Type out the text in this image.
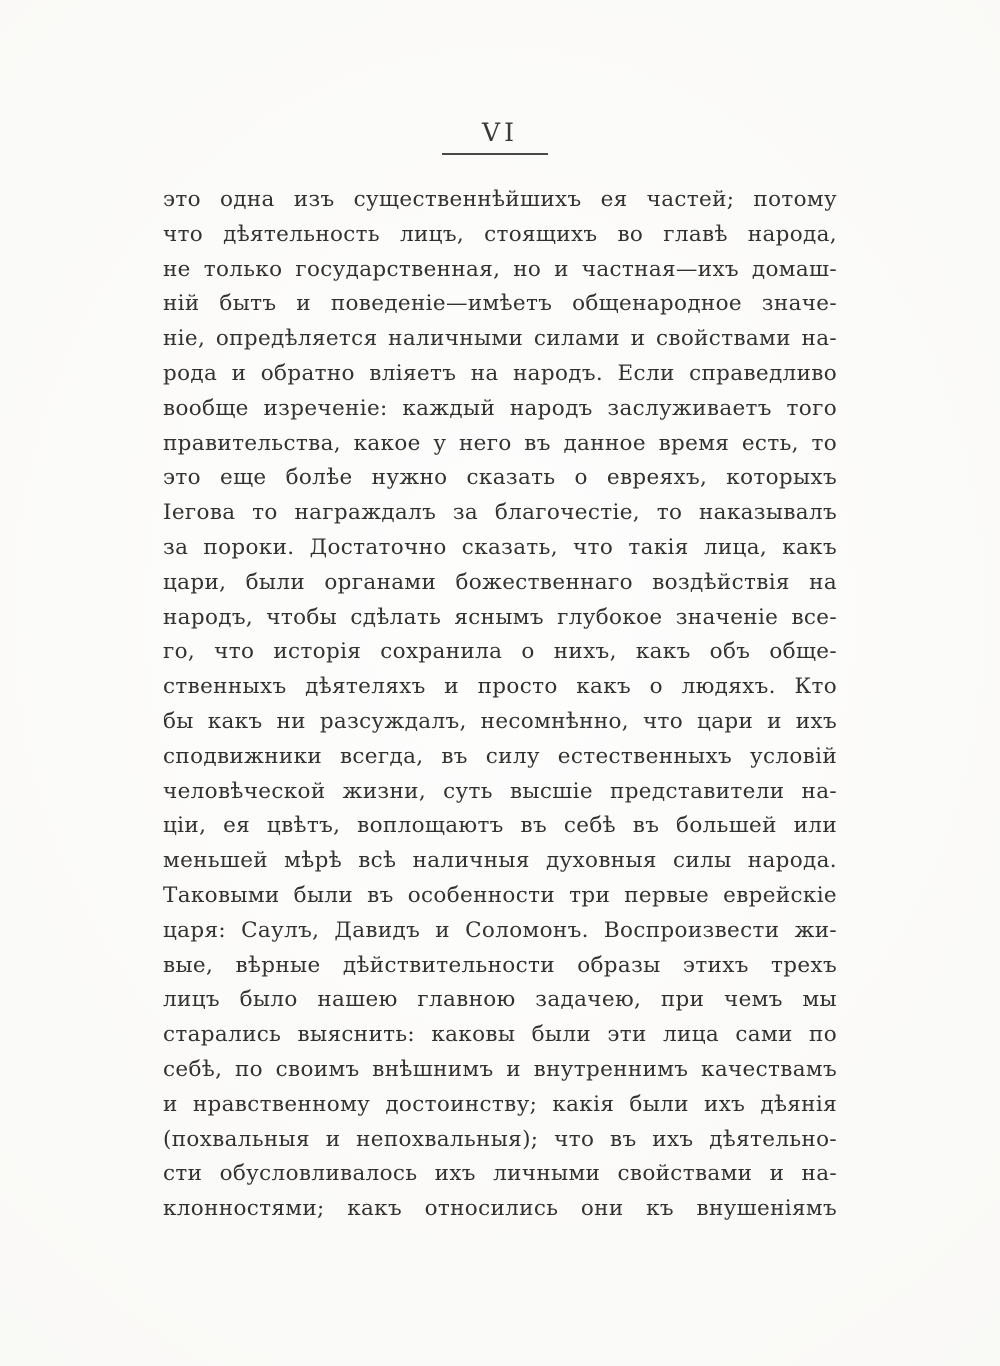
VI
это одна изъ существеннѣйшихъ ея частей; потому
что дѣятельность лицъ, стоящихъ во главѣ народа,
не только государственная, но и частная—ихъ домаш-
ній бытъ и поведеніе—имѣетъ общенародное значе-
ніе, опредѣляется наличными силами и свойствами на-
рода и обратно вліяетъ на народъ. Если справедливо
вообще изреченіе: каждый народъ заслуживаетъ того
правительства, какое у него въ данное время есть, то
это еще болѣе нужно сказать о евреяхъ, которыхъ
Іегова то награждалъ за благочестіе, то наказывалъ
за пороки. Достаточно сказать, что такія лица, какъ
цари, были органами божественнаго воздѣйствія на
народъ, чтобы сдѣлать яснымъ глубокое значеніе все-
го, что исторія сохранила о нихъ, какъ объ обще-
ственныхъ дѣятеляхъ и просто какъ о людяхъ. Кто
бы какъ ни разсуждалъ, несомнѣнно, что цари и ихъ
сподвижники всегда, въ силу естественныхъ условій
человѣческой жизни, суть высшіе представители на-
ціи, ея цвѣтъ, воплощаютъ въ себѣ въ большей или
меньшей мѣрѣ всѣ наличныя духовныя силы народа.
Таковыми были въ особенности три первые еврейскіе
царя: Саулъ, Давидъ и Соломонъ. Воспроизвести жи-
вые, вѣрные дѣйствительности образы этихъ трехъ
лицъ было нашею главною задачею, при чемъ мы
старались выяснить: каковы были эти лица сами по
себѣ, по своимъ внѣшнимъ и внутреннимъ качествамъ
и нравственному достоинству; какія были ихъ дѣянія
(похвальныя и непохвальныя); что въ ихъ дѣятельно-
сти обусловливалось ихъ личными свойствами и на-
клонностями; какъ относились они къ внушеніямъ
